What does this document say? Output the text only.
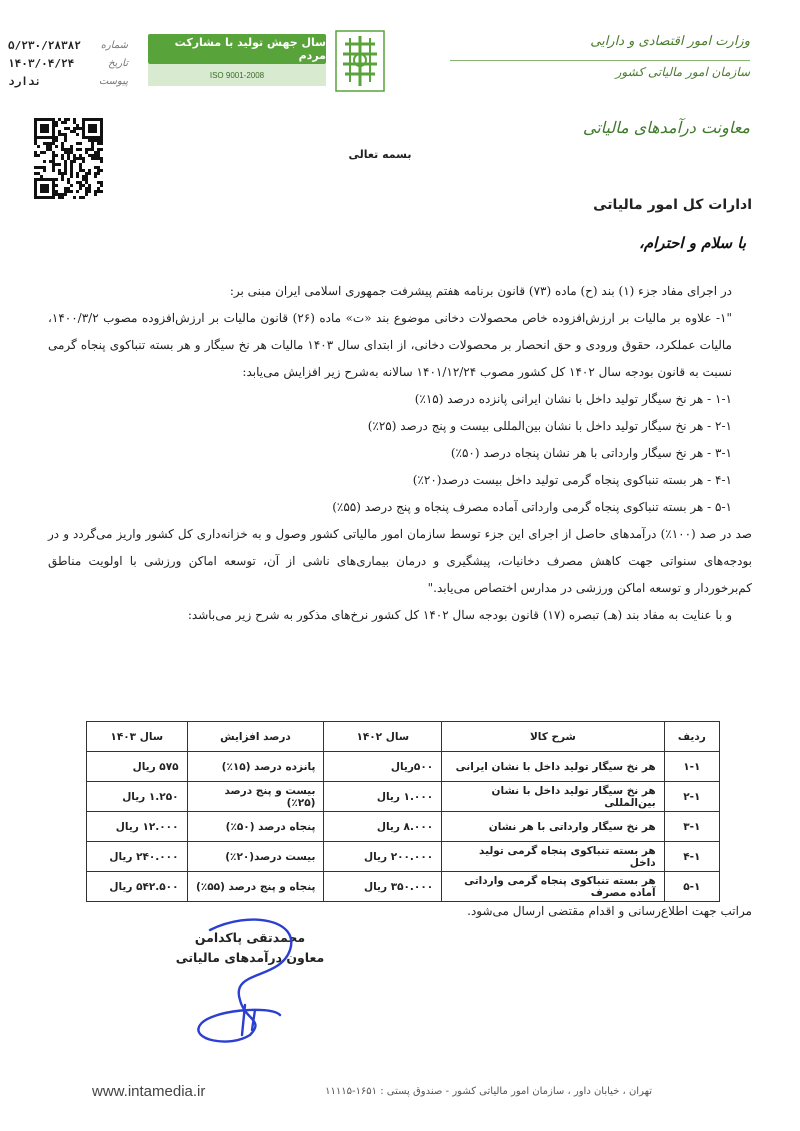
۵/۲۳۰/۲۸۳۸۲ شماره
۱۴۰۳/۰۴/۲۴	تاریخ
ندارد	پیوست
سال جهش تولید با مشارکت مردم
ISO 9001-2008
وزارت امور اقتصادی و دارایی
سازمان امور مالیاتی کشور
معاونت درآمدهای مالیاتی
بسمه تعالی
ادارات کل امور مالیاتی
با سلام و احترام،

در اجرای مفاد جزء (۱) بند (ح) ماده (۷۳) قانون برنامه هفتم پیشرفت جمهوری اسلامی ایران مبنی بر:

"۱- علاوه بر مالیات بر ارزش‌افزوده خاص محصولات دخانی موضوع بند «ت» ماده (۲۶) قانون مالیات بر ارزش‌افزوده مصوب ۱۴۰۰/۳/۲، مالیات عملکرد، حقوق ورودی و حق انحصار بر محصولات دخانی، از ابتدای سال ۱۴۰۳ مالیات هر نخ سیگار و هر بسته تنباکوی پنجاه گرمی نسبت به قانون بودجه سال ۱۴۰۲ کل کشور مصوب ۱۴۰۱/۱۲/۲۴ سالانه به‌شرح زیر افزایش می‌یابد:

۱-۱ - هر نخ سیگار تولید داخل با نشان ایرانی پانزده درصد (۱۵٪)

۲-۱ - هر نخ سیگار تولید داخل با نشان بین‌المللی بیست و پنج درصد (۲۵٪)

۳-۱ - هر نخ سیگار وارداتی با هر نشان پنجاه درصد (۵۰٪)

۴-۱ - هر بسته تنباکوی پنجاه گرمی تولید داخل بیست درصد(۲۰٪)

۵-۱ - هر بسته تنباکوی پنجاه گرمی وارداتی آماده مصرف پنجاه و پنج درصد (۵۵٪)

صد در صد (۱۰۰٪) درآمدهای حاصل از اجرای این جزء توسط سازمان امور مالیاتی کشور وصول و به خزانه‌داری کل کشور واریز می‌گردد و در بودجه‌های سنواتی جهت کاهش مصرف دخانیات، پیشگیری و درمان بیماری‌های ناشی از آن، توسعه اماکن ورزشی با اولویت مناطق کم‌برخوردار و توسعه اماکن ورزشی در مدارس اختصاص می‌یابد."

و با عنایت به مفاد بند (هـ) تبصره (۱۷) قانون بودجه سال ۱۴۰۲ کل کشور نرخ‌های مذکور به شرح زیر می‌باشد:

ردیف	شرح کالا	سال ۱۴۰۲	درصد افزایش	سال ۱۴۰۳
۱-۱	هر نخ سیگار تولید داخل با نشان ایرانی	۵۰۰ریال	پانزده درصد (۱۵٪)	۵۷۵ ریال
۲-۱	هر نخ سیگار تولید داخل با نشان بین‌المللی	۱.۰۰۰ ریال	بیست و پنج درصد (۲۵٪)	۱.۲۵۰ ریال
۳-۱	هر نخ سیگار وارداتی با هر نشان	۸.۰۰۰ ریال	پنجاه درصد (۵۰٪)	۱۲.۰۰۰ ریال
۴-۱	هر بسته تنباکوی پنجاه گرمی تولید داخل	۲۰۰.۰۰۰ ریال	بیست درصد(۲۰٪)	۲۴۰.۰۰۰ ریال
۵-۱	هر بسته تنباکوی پنجاه گرمی وارداتی آماده مصرف	۳۵۰.۰۰۰ ریال	پنجاه و پنج درصد (۵۵٪)	۵۴۲.۵۰۰ ریال
مراتب جهت اطلاع‌رسانی و اقدام مقتضی ارسال می‌شود.
محمدتقی پاکدامن
معاون درآمدهای مالیاتی
www.intamedia.ir	تهران ، خیابان داور ، سازمان امور مالیاتی کشور - صندوق پستی : ۱۶۵۱-۱۱۱۱۵
